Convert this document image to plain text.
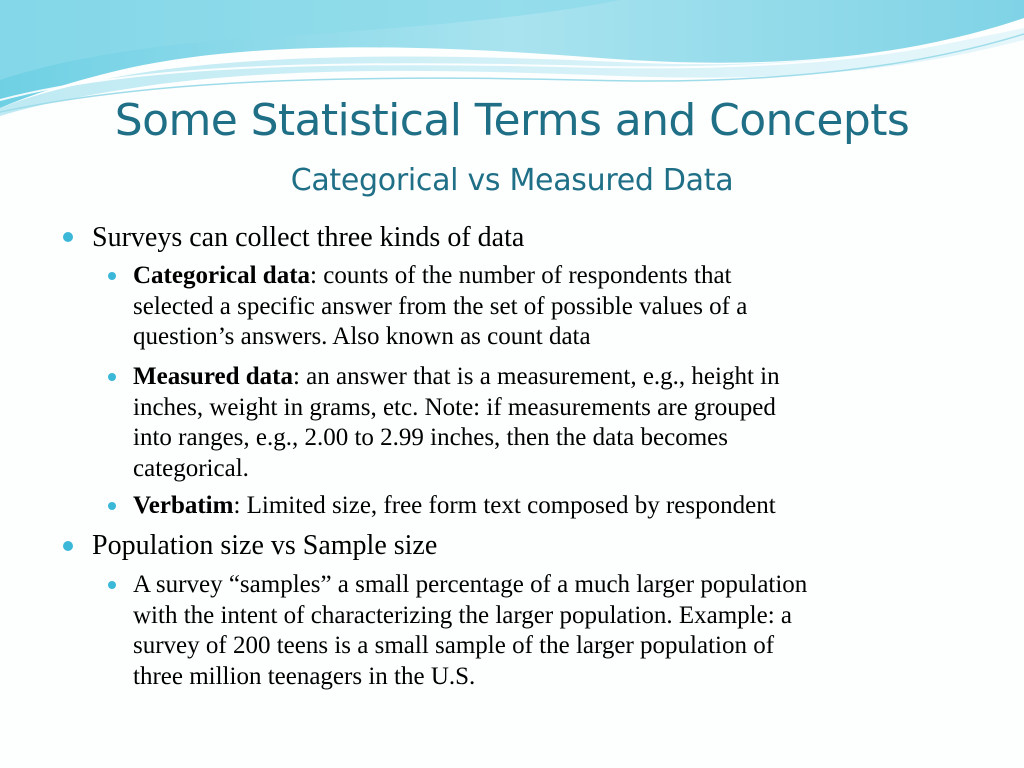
Some Statistical Terms and Concepts
Categorical vs Measured Data
Surveys can collect three kinds of data
Categorical data: counts of the number of respondents that
selected a specific answer from the set of possible values of a
question’s answers. Also known as count data
Measured data: an answer that is a measurement, e.g., height in
inches, weight in grams, etc. Note: if measurements are grouped
into ranges, e.g., 2.00 to 2.99 inches, then the data becomes
categorical.
Verbatim: Limited size, free form text composed by respondent
Population size vs Sample size
A survey “samples” a small percentage of a much larger population
with the intent of characterizing the larger population. Example: a
survey of 200 teens is a small sample of the larger population of
three million teenagers in the U.S.
